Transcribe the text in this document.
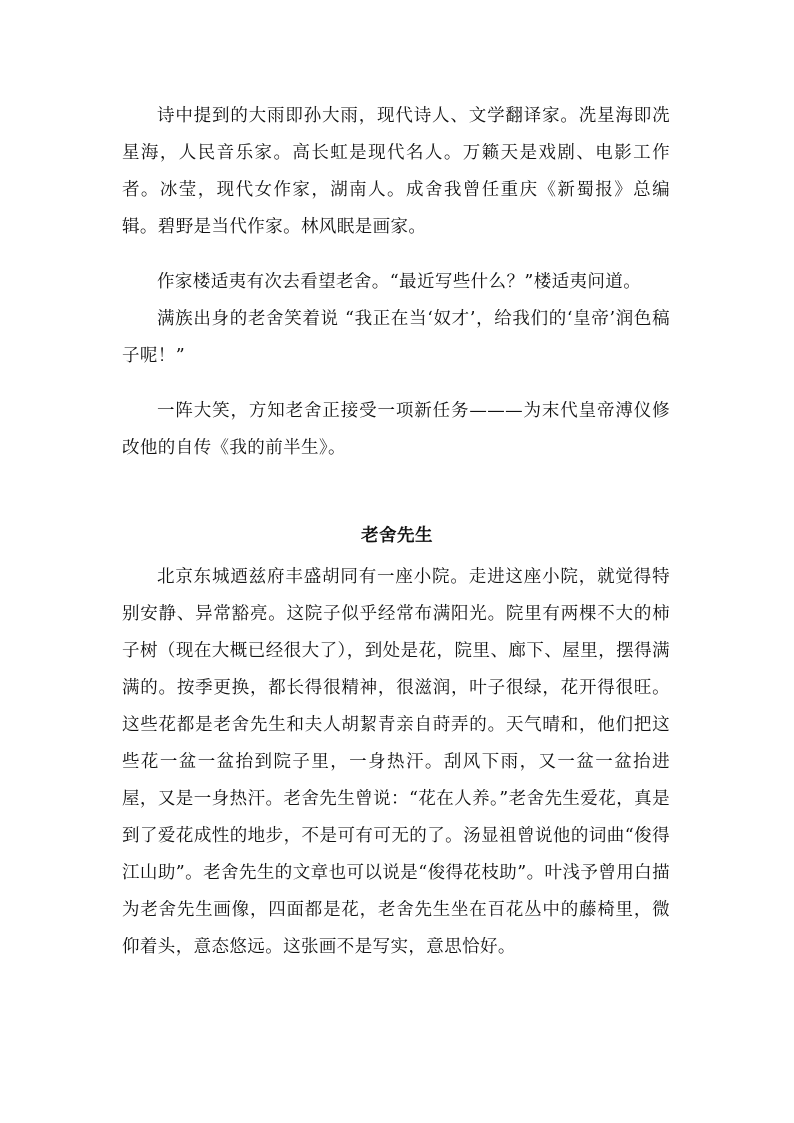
诗中提到的大雨即孙大雨，现代诗人、文学翻译家。冼星海即冼星海，人民音乐家。高长虹是现代名人。万籁天是戏剧、电影工作者。冰莹，现代女作家，湖南人。成舍我曾任重庆《新蜀报》总编辑。碧野是当代作家。林风眠是画家。

作家楼适夷有次去看望老舍。“最近写些什么？”楼适夷问道。

满族出身的老舍笑着说 “我正在当‘奴才’，给我们的‘皇帝’润色稿子呢！”

一阵大笑，方知老舍正接受一项新任务———为末代皇帝溥仪修改他的自传《我的前半生》。

老舍先生

北京东城迺兹府丰盛胡同有一座小院。走进这座小院，就觉得特别安静、异常豁亮。这院子似乎经常布满阳光。院里有两棵不大的柿子树（现在大概已经很大了），到处是花，院里、廊下、屋里，摆得满满的。按季更换，都长得很精神，很滋润，叶子很绿，花开得很旺。这些花都是老舍先生和夫人胡絜青亲自莳弄的。天气晴和，他们把这些花一盆一盆抬到院子里，一身热汗。刮风下雨，又一盆一盆抬进屋，又是一身热汗。老舍先生曾说：“花在人养。”老舍先生爱花，真是到了爱花成性的地步，不是可有可无的了。汤显祖曾说他的词曲“俊得江山助”。老舍先生的文章也可以说是“俊得花枝助”。叶浅予曾用白描为老舍先生画像，四面都是花，老舍先生坐在百花丛中的藤椅里，微仰着头，意态悠远。这张画不是写实，意思恰好。
